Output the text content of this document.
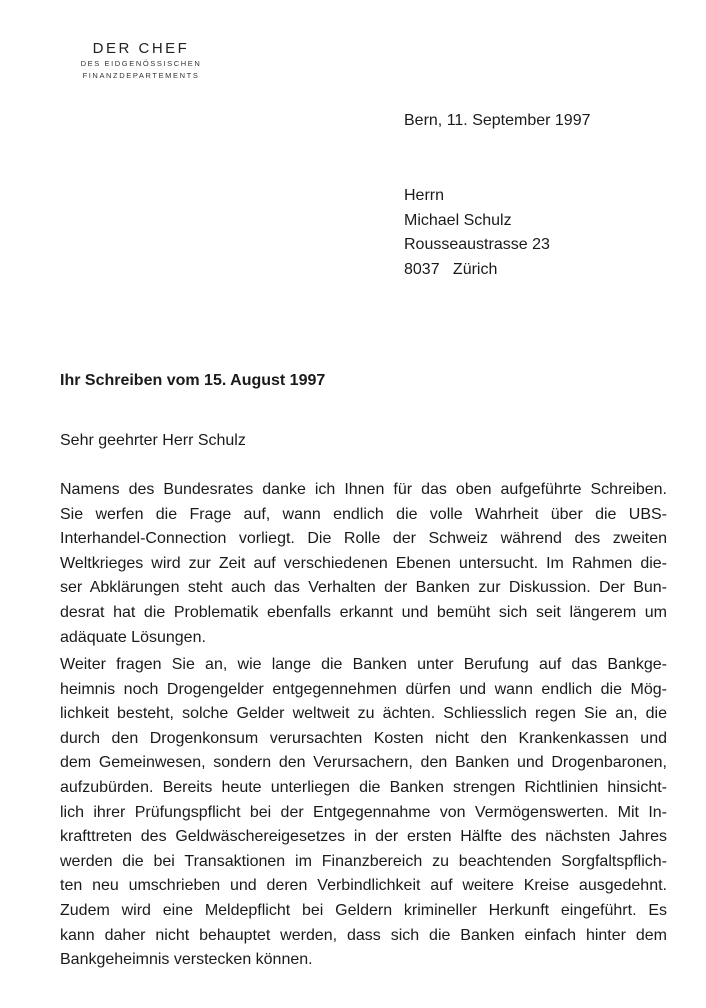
DER CHEF
DES EIDGENÖSSISCHEN
FINANZDEPARTEMENTS
Bern, 11. September 1997
Herrn
Michael Schulz
Rousseaustrasse 23
8037   Zürich
Ihr Schreiben vom 15. August 1997
Sehr geehrter Herr Schulz
Namens des Bundesrates danke ich Ihnen für das oben aufgeführte Schreiben.
Sie werfen die Frage auf, wann endlich die volle Wahrheit über die UBS-
Interhandel-Connection vorliegt. Die Rolle der Schweiz während des zweiten
Weltkrieges wird zur Zeit auf verschiedenen Ebenen untersucht. Im Rahmen die-
ser Abklärungen steht auch das Verhalten der Banken zur Diskussion. Der Bun-
desrat hat die Problematik ebenfalls erkannt und bemüht sich seit längerem um
adäquate Lösungen.
Weiter fragen Sie an, wie lange die Banken unter Berufung auf das Bankge-
heimnis noch Drogengelder entgegennehmen dürfen und wann endlich die Mög-
lichkeit besteht, solche Gelder weltweit zu ächten. Schliesslich regen Sie an, die
durch den Drogenkonsum verursachten Kosten nicht den Krankenkassen und
dem Gemeinwesen, sondern den Verursachern, den Banken und Drogenbaronen,
aufzubürden. Bereits heute unterliegen die Banken strengen Richtlinien hinsicht-
lich ihrer Prüfungspflicht bei der Entgegennahme von Vermögenswerten. Mit In-
krafttreten des Geldwäschereigesetzes in der ersten Hälfte des nächsten Jahres
werden die bei Transaktionen im Finanzbereich zu beachtenden Sorgfaltspflich-
ten neu umschrieben und deren Verbindlichkeit auf weitere Kreise ausgedehnt.
Zudem wird eine Meldepflicht bei Geldern krimineller Herkunft eingeführt. Es
kann daher nicht behauptet werden, dass sich die Banken einfach hinter dem
Bankgeheimnis verstecken können.
